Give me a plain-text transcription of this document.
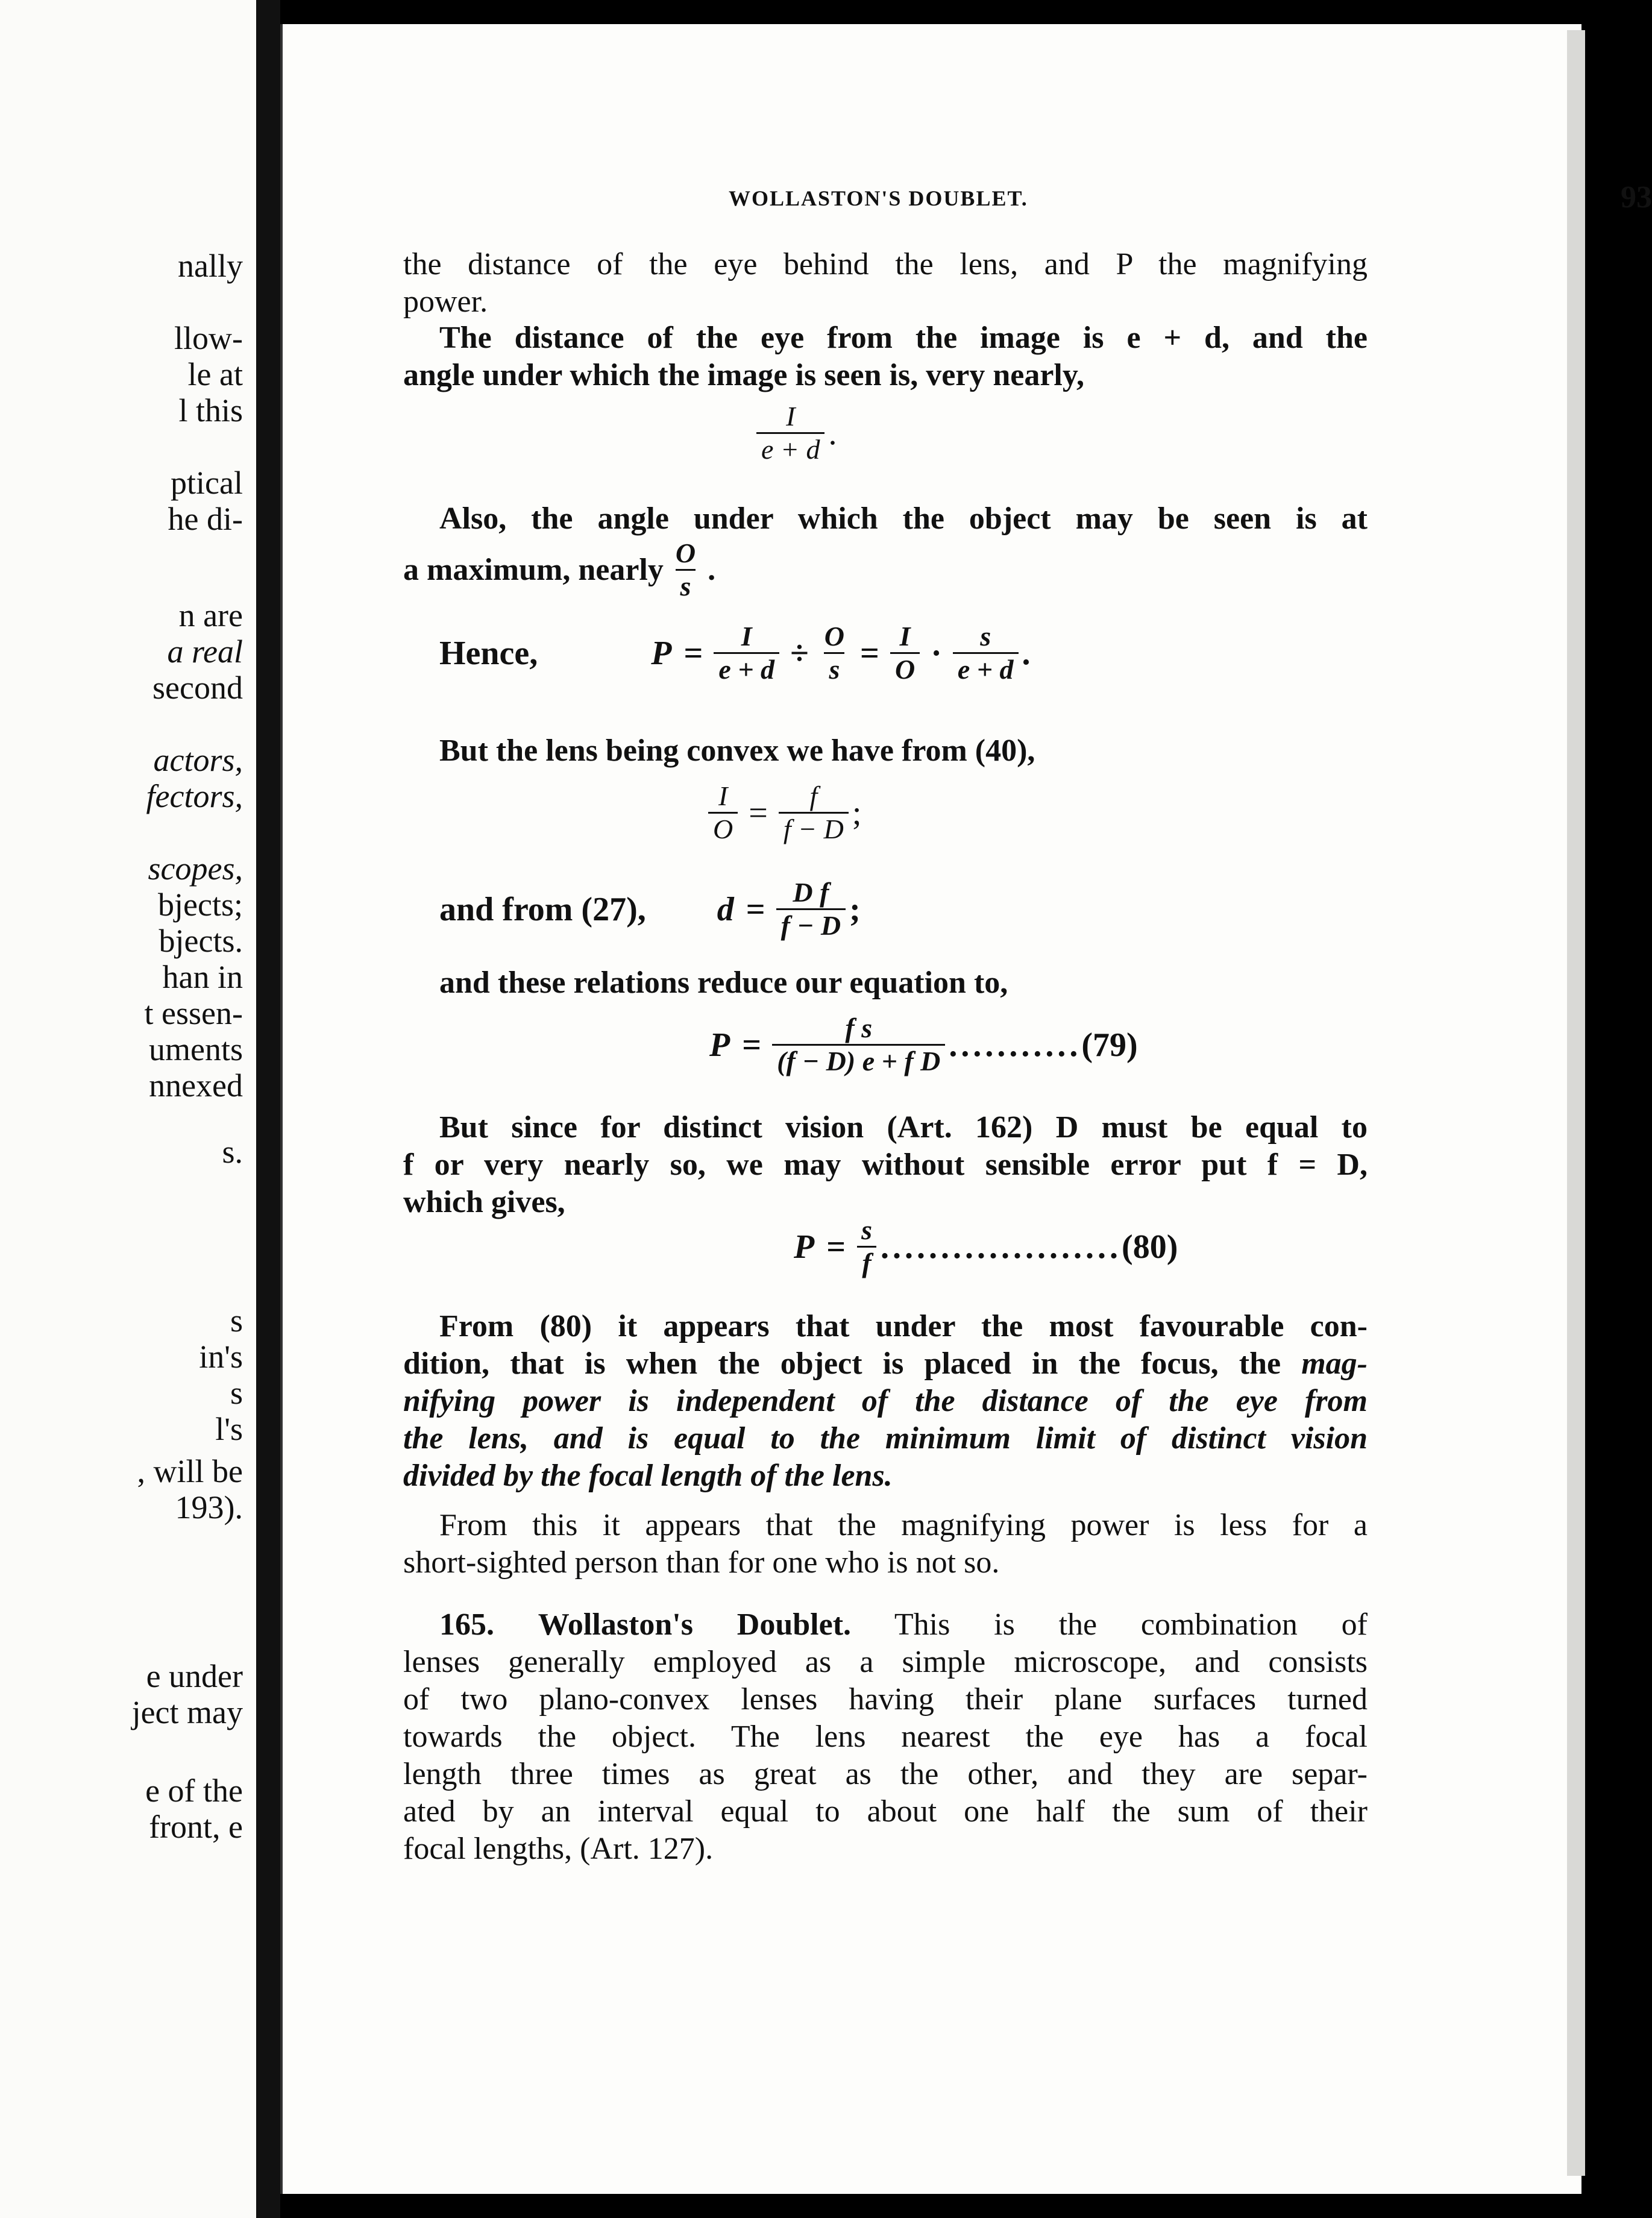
nally
llow-
le at
l this
ptical
he di-
n are
a real
second
actors,
fectors,
scopes,
bjects;
bjects.
han in
t essen-
uments
nnexed
s.
s
in's
s
l's
, will be
193).
e under
ject may
e of the
front, e
WOLLASTON'S DOUBLET.	93
the distance of the eye behind the lens, and P the magnifying
power.
The distance of the eye from the image is e + d, and the
angle under which the image is seen is, very nearly,
$\frac{I}{e + d}$ .
Also, the angle under which the object may be seen is at
a maximum, nearly $\frac{O}{s}$ .
Hence,	$P = \frac{I}{e + d} \div \frac{O}{s} = \frac{I}{O} \cdot \frac{s}{e + d}$ .
But the lens being convex we have from (40),
$\frac{I}{O} = \frac{f}{f - D}$ ;
and from (27), $d = \frac{\text{D f}}{f - D}$ ;
and these relations reduce our equation to,
$P = \frac{\text{f s}}{\text{(f − D) e + f D}}$ ........... (79)
But since for distinct vision (Art. 162) D must be equal to
f or very nearly so, we may without sensible error put f = D,
which gives,
$P = \frac{s}{f}$ .................... (80)
From (80) it appears that under the most favourable con-
dition, that is when the object is placed in the focus, the mag-
nifying power is independent of the distance of the eye from
the lens, and is equal to the minimum limit of distinct vision
divided by the focal length of the lens.
From this it appears that the magnifying power is less for a
short-sighted person than for one who is not so.
165. Wollaston's Doublet. This is the combination of
lenses generally employed as a simple microscope, and consists
of two plano-convex lenses having their plane surfaces turned
towards the object. The lens nearest the eye has a focal
length three times as great as the other, and they are separ-
ated by an interval equal to about one half the sum of their
focal lengths, (Art. 127).
